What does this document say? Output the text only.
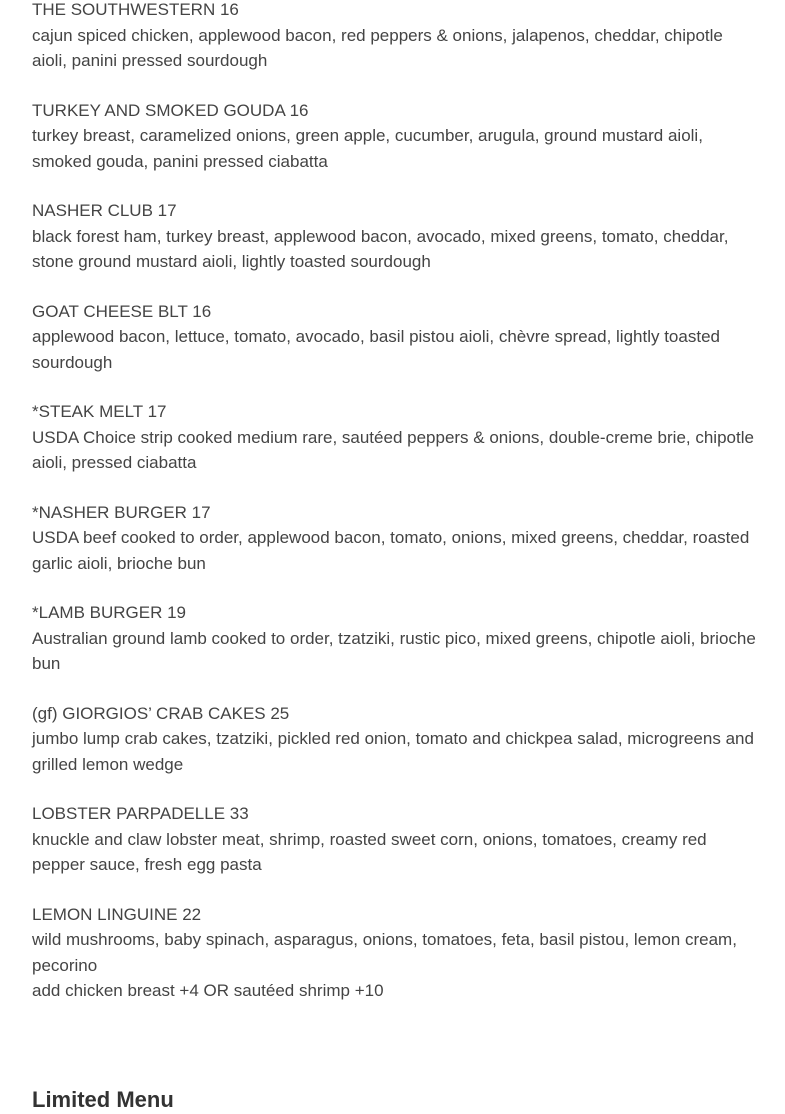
THE SOUTHWESTERN 16
cajun spiced chicken, applewood bacon, red peppers & onions, jalapenos, cheddar, chipotle aioli, panini pressed sourdough
TURKEY AND SMOKED GOUDA 16
turkey breast, caramelized onions, green apple, cucumber, arugula, ground mustard aioli, smoked gouda, panini pressed ciabatta
NASHER CLUB 17
black forest ham, turkey breast, applewood bacon, avocado, mixed greens, tomato, cheddar, stone ground mustard aioli, lightly toasted sourdough
GOAT CHEESE BLT 16
applewood bacon, lettuce, tomato, avocado, basil pistou aioli, chèvre spread, lightly toasted sourdough
*STEAK MELT 17
USDA Choice strip cooked medium rare, sautéed peppers & onions, double-creme brie, chipotle aioli, pressed ciabatta
*NASHER BURGER 17
USDA beef cooked to order, applewood bacon, tomato, onions, mixed greens, cheddar, roasted garlic aioli, brioche bun
*LAMB BURGER 19
Australian ground lamb cooked to order, tzatziki, rustic pico, mixed greens, chipotle aioli, brioche bun
(gf) GIORGIOS’ CRAB CAKES 25
jumbo lump crab cakes, tzatziki, pickled red onion, tomato and chickpea salad, microgreens and grilled lemon wedge
LOBSTER PARPADELLE 33
knuckle and claw lobster meat, shrimp, roasted sweet corn, onions, tomatoes, creamy red pepper sauce, fresh egg pasta
LEMON LINGUINE 22
wild mushrooms, baby spinach, asparagus, onions, tomatoes, feta, basil pistou, lemon cream, pecorino
add chicken breast +4 OR sautéed shrimp +10
Limited Menu
